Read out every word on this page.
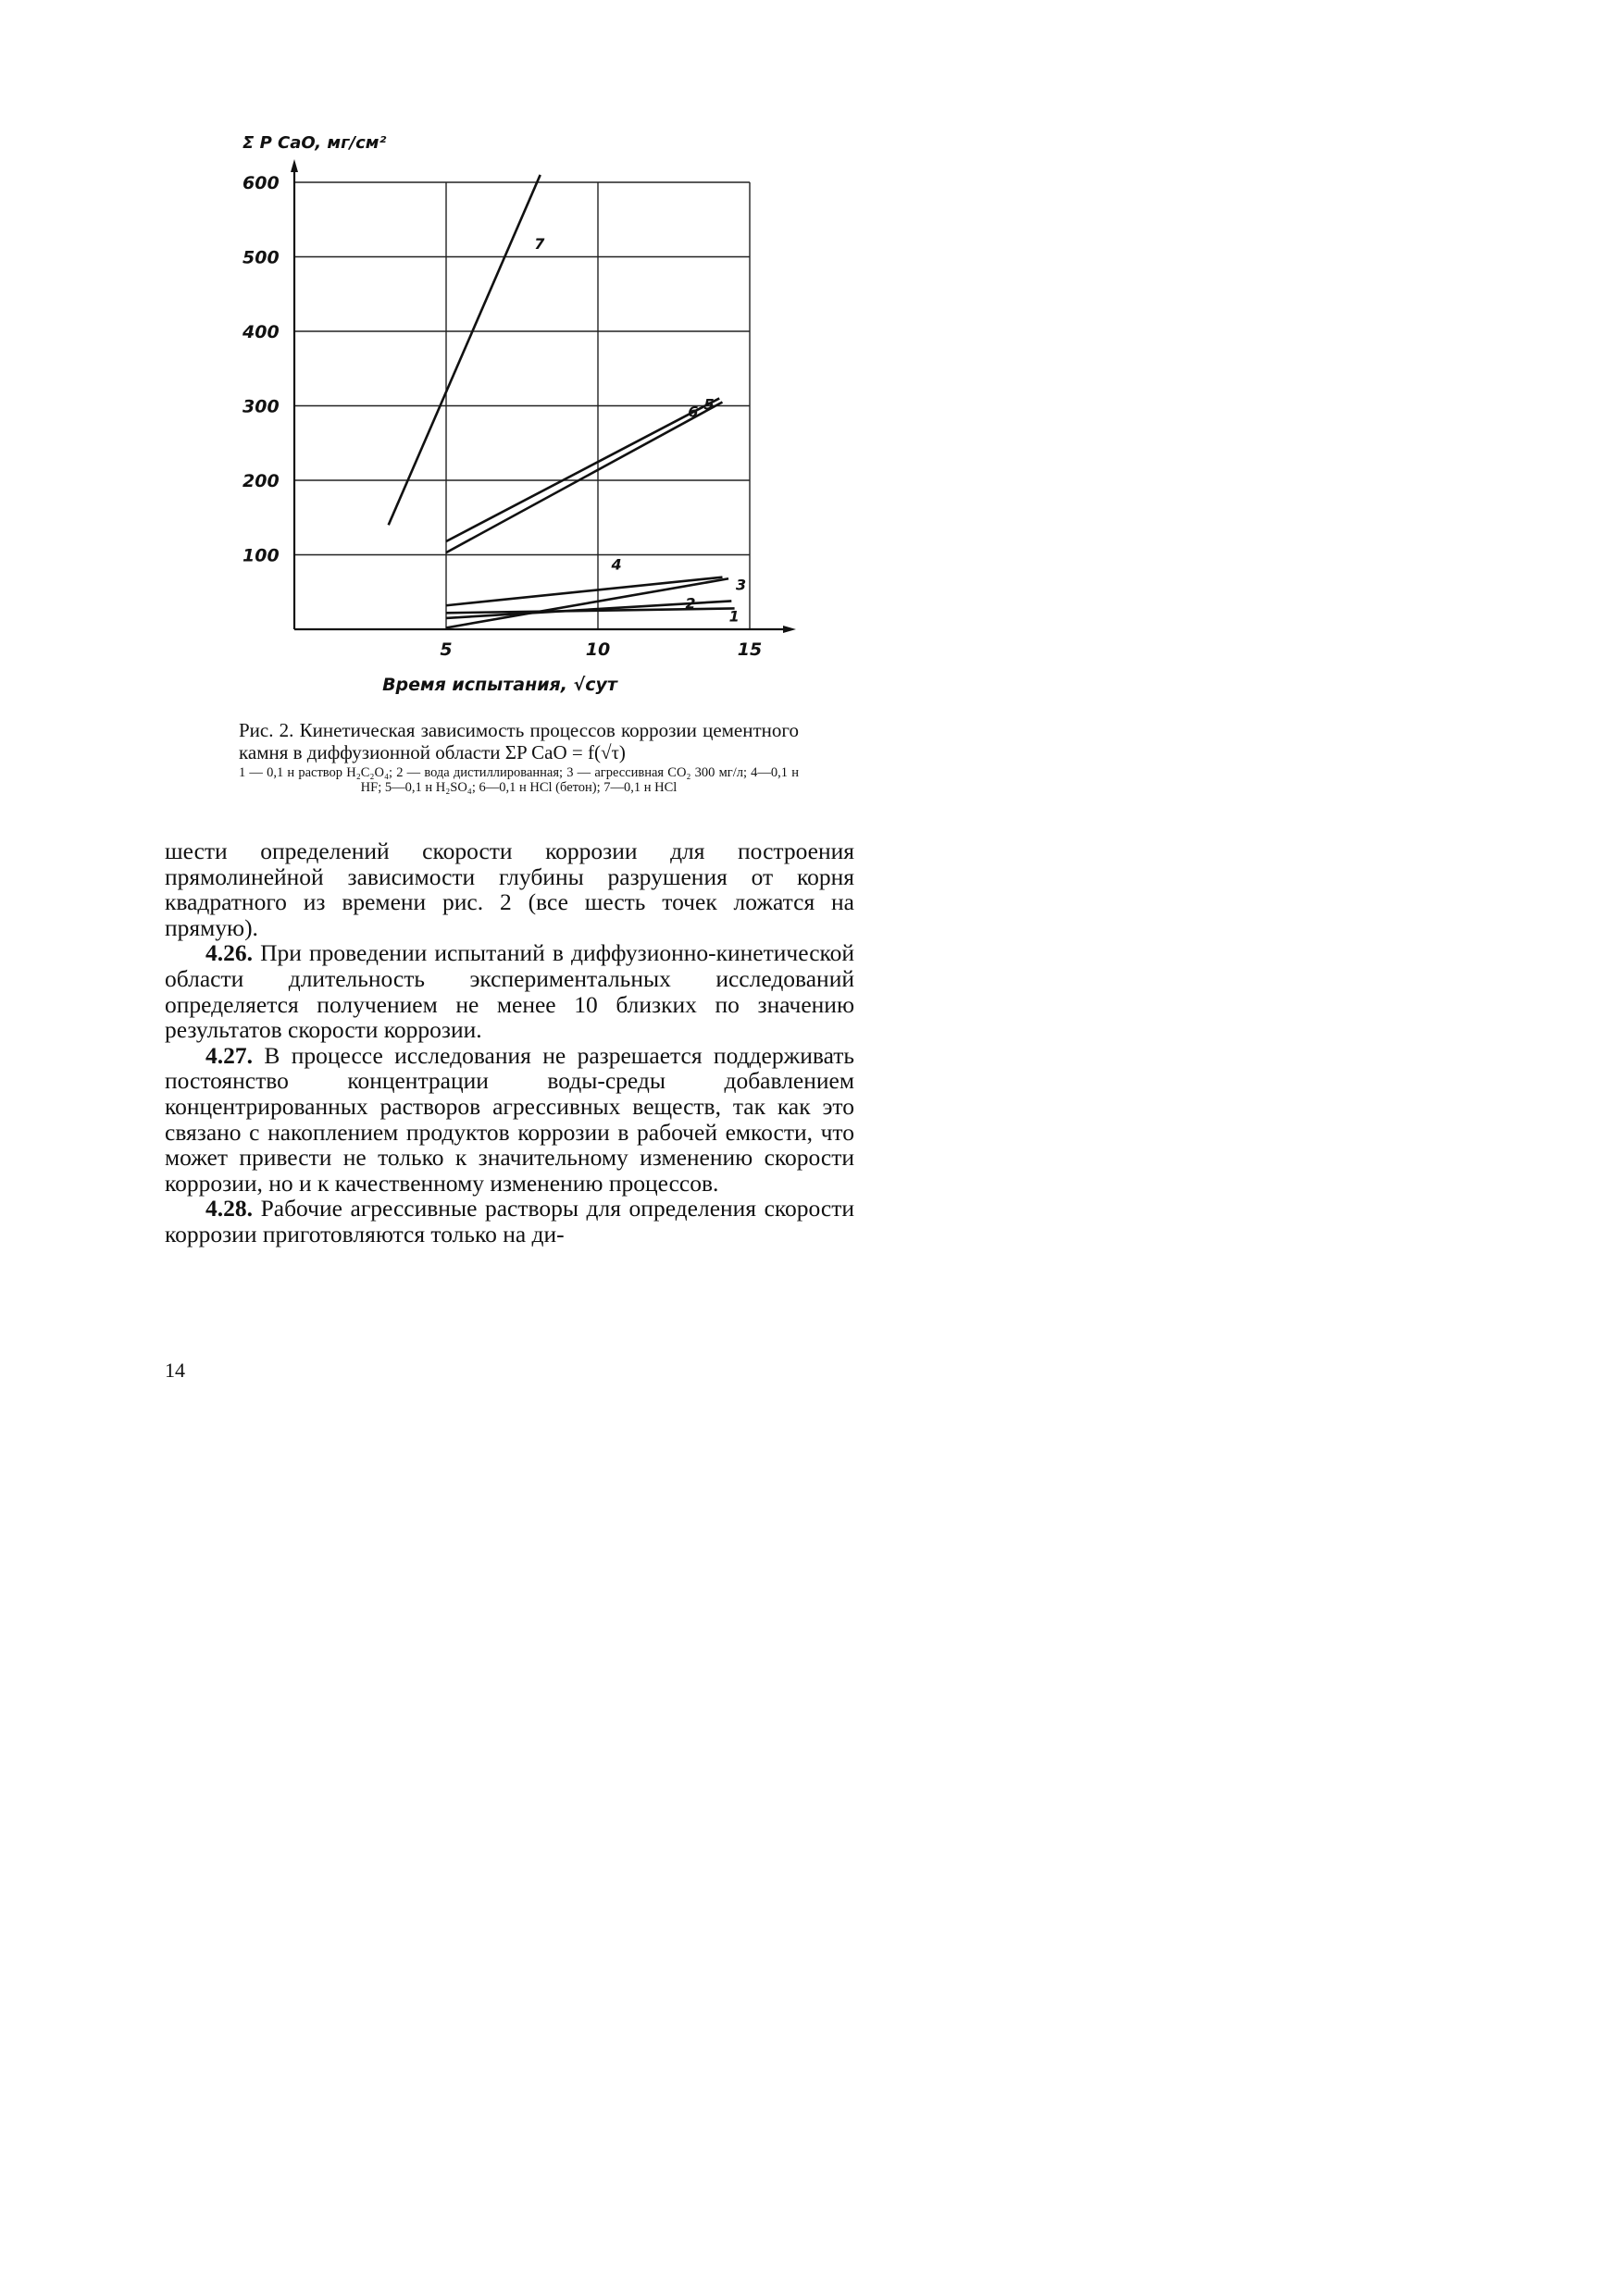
100
200
300
400
500
600
5	10	15
7
6 5
4
3
2
1
Σ P CaO, мг/см²
Время испытания, √сут
Рис. 2. Кинетическая зависимость процессов коррозии цементного камня в диффузионной области ΣP CaO = f(√τ)
1 — 0,1 н раствор H₂C₂O₄; 2 — вода дистиллированная; 3 — агрессивная CO₂ 300 мг/л; 4—0,1 н HF; 5—0,1 н H₂SO₄; 6—0,1 н HCl (бетон); 7—0,1 н HCl

шести определений скорости коррозии для построения прямолинейной зависимости глубины разрушения от корня квадратного из времени рис. 2 (все шесть точек ложатся на прямую).

4.26. При проведении испытаний в диффузионно-кинетической области длительность экспериментальных исследований определяется получением не менее 10 близких по значению результатов скорости коррозии.

4.27. В процессе исследования не разрешается поддерживать постоянство концентрации воды-среды добавлением концентрированных растворов агрессивных веществ, так как это связано с накоплением продуктов коррозии в рабочей емкости, что может привести не только к значительному изменению скорости коррозии, но и к качественному изменению процессов.

4.28. Рабочие агрессивные растворы для определения скорости коррозии приготовляются только на ди-

14
